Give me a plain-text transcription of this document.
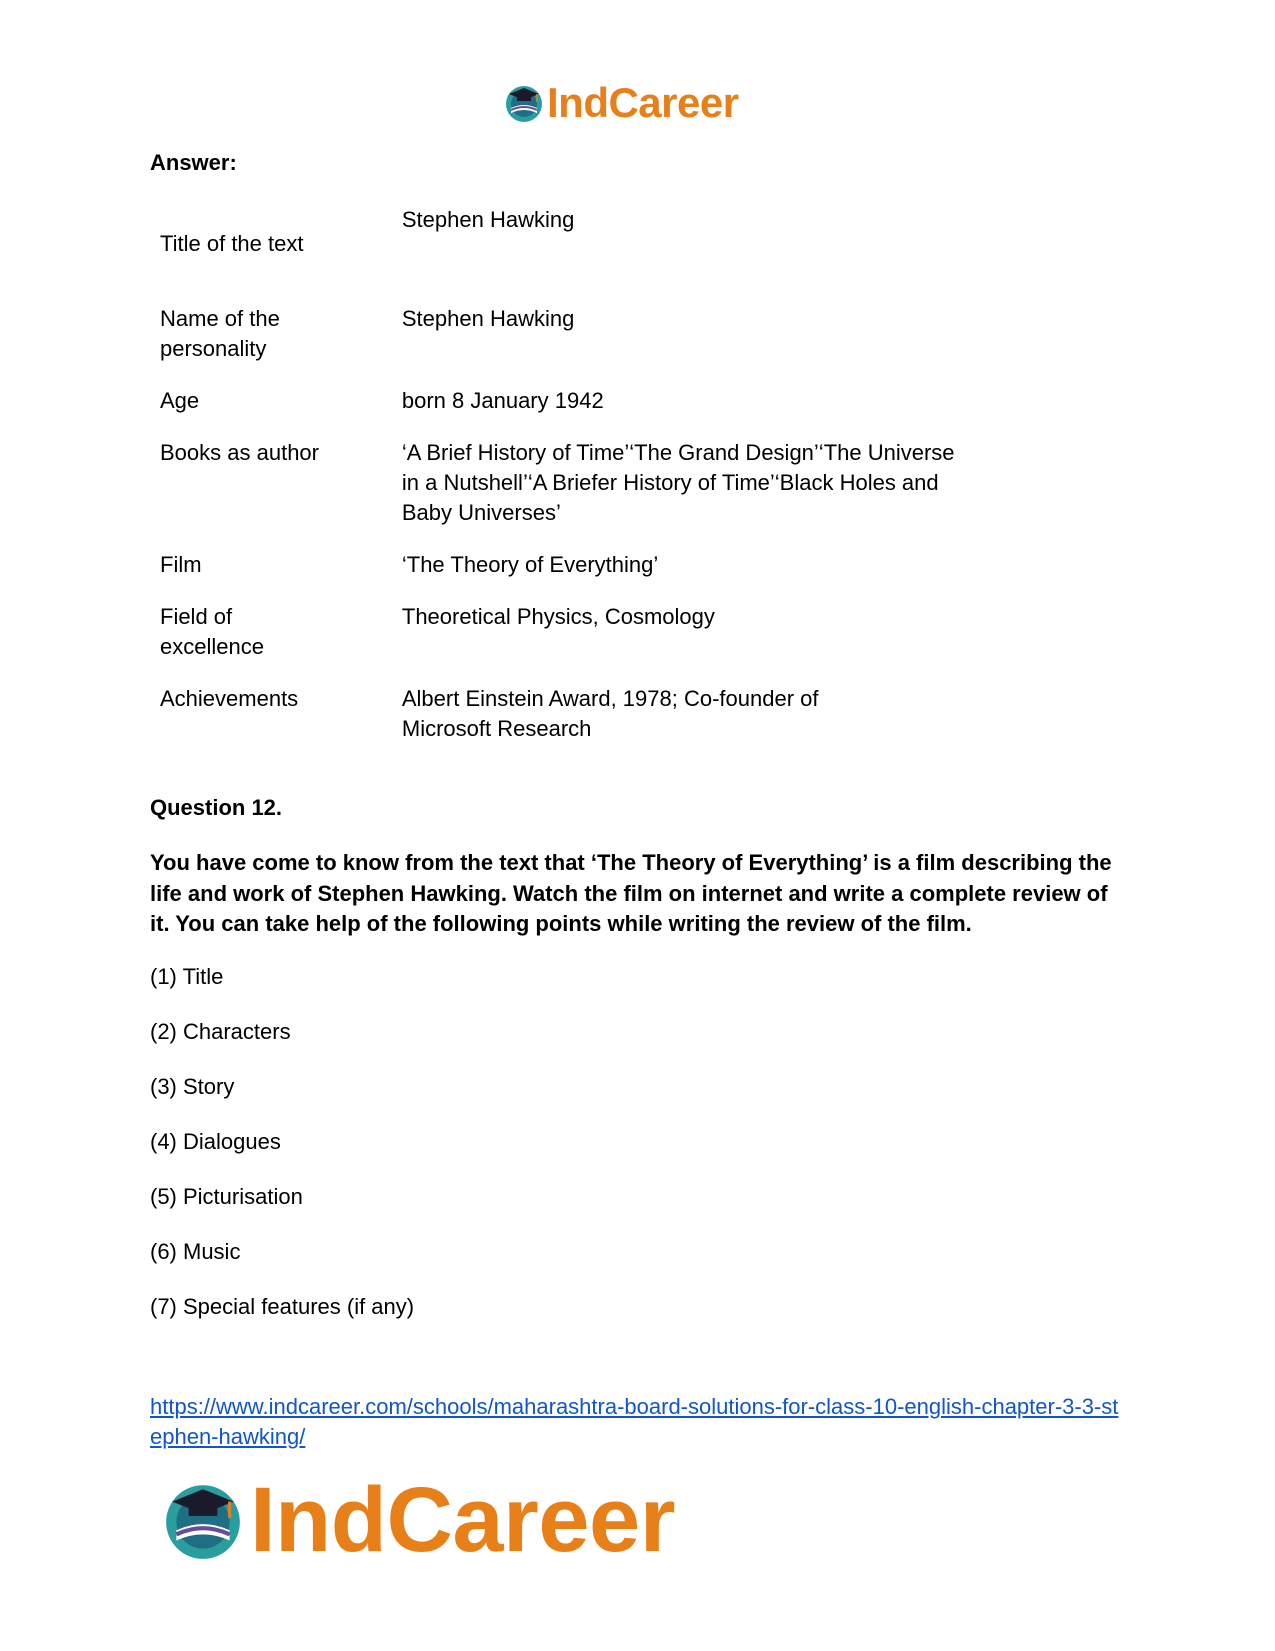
IndCareer
Answer:
Title of the text	Stephen Hawking
Name of the personality	Stephen Hawking
Age	born 8 January 1942
Books as author	‘A Brief History of Time’‘The Grand Design’‘The Universe in a Nutshell’‘A Briefer History of Time’‘Black Holes and Baby Universes’
Film	‘The Theory of Everything’
Field of excellence	Theoretical Physics, Cosmology
Achievements	Albert Einstein Award, 1978; Co-founder of Microsoft Research
Question 12.
You have come to know from the text that ‘The Theory of Everything’ is a film describing the life and work of Stephen Hawking. Watch the film on internet and write a complete review of it. You can take help of the following points while writing the review of the film.
(1) Title
(2) Characters
(3) Story
(4) Dialogues
(5) Picturisation
(6) Music
(7) Special features (if any)
https://www.indcareer.com/schools/maharashtra-board-solutions-for-class-10-english-chapter-3-3-stephen-hawking/
IndCareer
